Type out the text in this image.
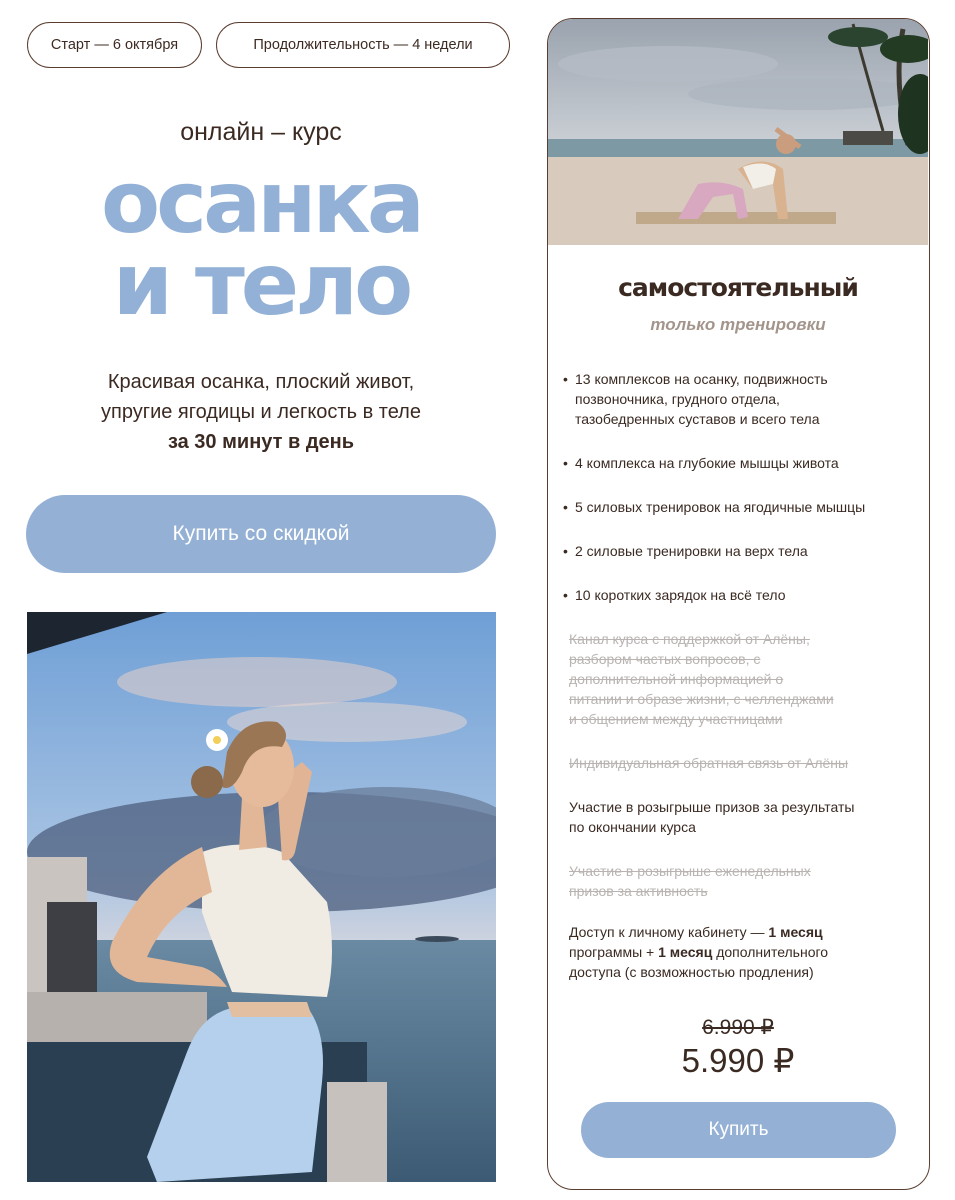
Старт — 6 октября	Продолжительность — 4 недели
онлайн – курс
осанка
и тело
Красивая осанка, плоский живот,
упругие ягодицы и легкость в теле
за 30 минут в день
Купить со скидкой
самостоятельный
только тренировки
• 13 комплексов на осанку, подвижность
позвоночника, грудного отдела,
тазобедренных суставов и всего тела
• 4 комплекса на глубокие мышцы живота
• 5 силовых тренировок на ягодичные мышцы
• 2 силовые тренировки на верх тела
• 10 коротких зарядок на всё тело
Канал курса с поддержкой от Алёны,
разбором частых вопросов, с
дополнительной информацией о
питании и образе жизни, с челленджами
и общением между участницами
Индивидуальная обратная связь от Алёны
Участие в розыгрыше призов за результаты
по окончании курса
Участие в розыгрыше еженедельных
призов за активность
Доступ к личному кабинету — 1 месяц
программы + 1 месяц дополнительного
доступа (с возможностью продления)
6.990 ₽
5.990 ₽
Купить
